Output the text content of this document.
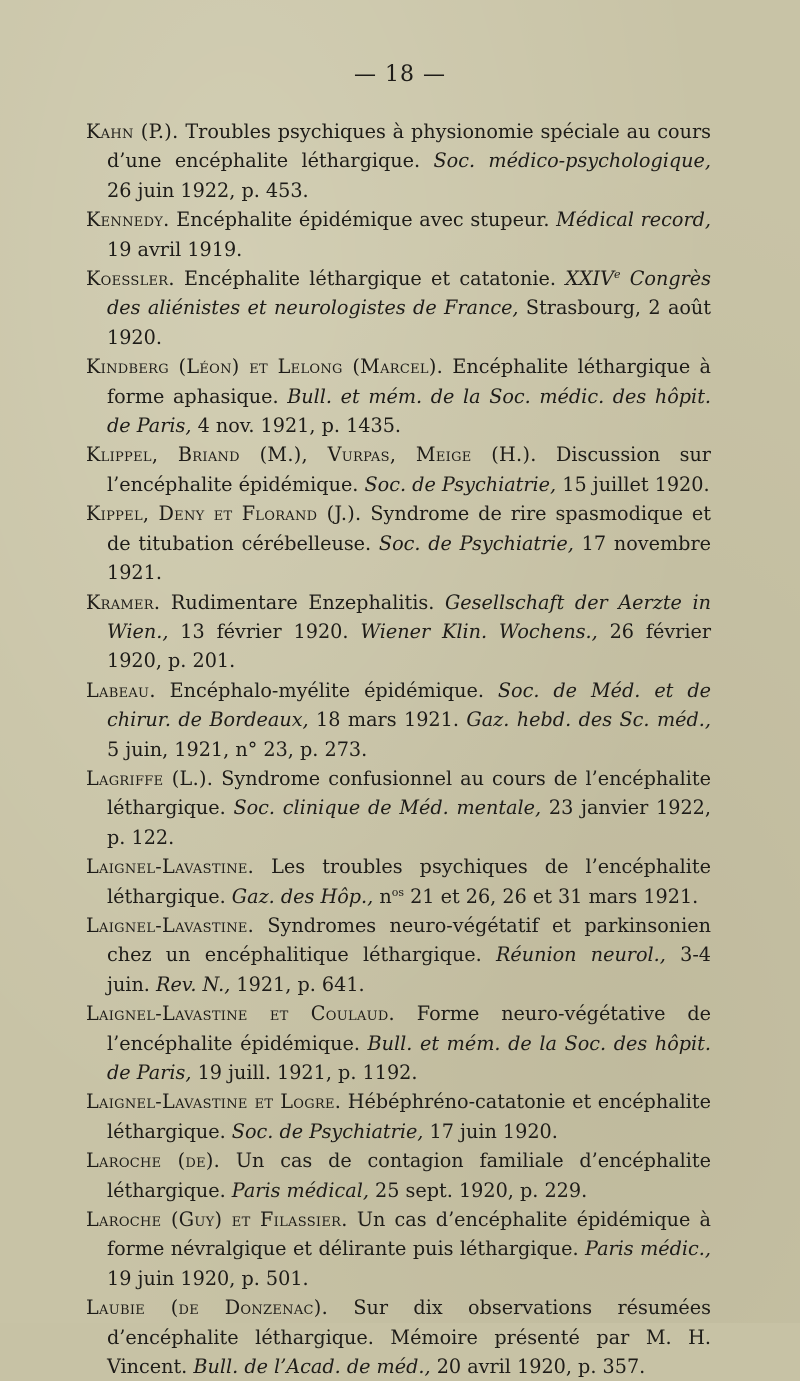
— 18 —

Kahn (P.). Troubles psychiques à physionomie spéciale au cours d’une encéphalite léthargique. Soc. médico-psychologique, 26 juin 1922, p. 453.

Kennedy. Encéphalite épidémique avec stupeur. Médical record, 19 avril 1919.

Koessler. Encéphalite léthargique et catatonie. XXIVe Congrès des aliénistes et neurologistes de France, Strasbourg, 2 août 1920.

Kindberg (Léon) et Lelong (Marcel). Encéphalite léthargique à forme aphasique. Bull. et mém. de la Soc. médic. des hôpit. de Paris, 4 nov. 1921, p. 1435.

Klippel, Briand (M.), Vurpas, Meige (H.). Discussion sur l’encéphalite épidémique. Soc. de Psychiatrie, 15 juillet 1920.

Kippel, Deny et Florand (J.). Syndrome de rire spasmodique et de titubation cérébelleuse. Soc. de Psychiatrie, 17 novembre 1921.

Kramer. Rudimentare Enzephalitis. Gesellschaft der Aerzte in Wien., 13 février 1920. Wiener Klin. Wochens., 26 février 1920, p. 201.

Labeau. Encéphalo-myélite épidémique. Soc. de Méd. et de chirur. de Bordeaux, 18 mars 1921. Gaz. hebd. des Sc. méd., 5 juin, 1921, n° 23, p. 273.

Lagriffe (L.). Syndrome confusionnel au cours de l’encéphalite léthargique. Soc. clinique de Méd. mentale, 23 janvier 1922, p. 122.

Laignel-Lavastine. Les troubles psychiques de l’encéphalite léthargique. Gaz. des Hôp., $n^{os}$ 21 et 26, 26 et 31 mars 1921.

Laignel-Lavastine. Syndromes neuro-végétatif et parkinsonien chez un encéphalitique léthargique. Réunion neurol., 3-4 juin. Rev. N., 1921, p. 641.

Laignel-Lavastine et Coulaud. Forme neuro-végétative de l’encéphalite épidémique. Bull. et mém. de la Soc. des hôpit. de Paris, 19 juill. 1921, p. 1192.

Laignel-Lavastine et Logre. Hébéphréno-catatonie et encéphalite léthargique. Soc. de Psychiatrie, 17 juin 1920.

Laroche (de). Un cas de contagion familiale d’encéphalite léthargique. Paris médical, 25 sept. 1920, p. 229.

Laroche (Guy) et Filassier. Un cas d’encéphalite épidémique à forme névralgique et délirante puis léthargique. Paris médic., 19 juin 1920, p. 501.

Laubie (de Donzenac). Sur dix observations résumées d’encéphalite léthargique. Mémoire présenté par M. H. Vincent. Bull. de l’Acad. de méd., 20 avril 1920, p. 357.
